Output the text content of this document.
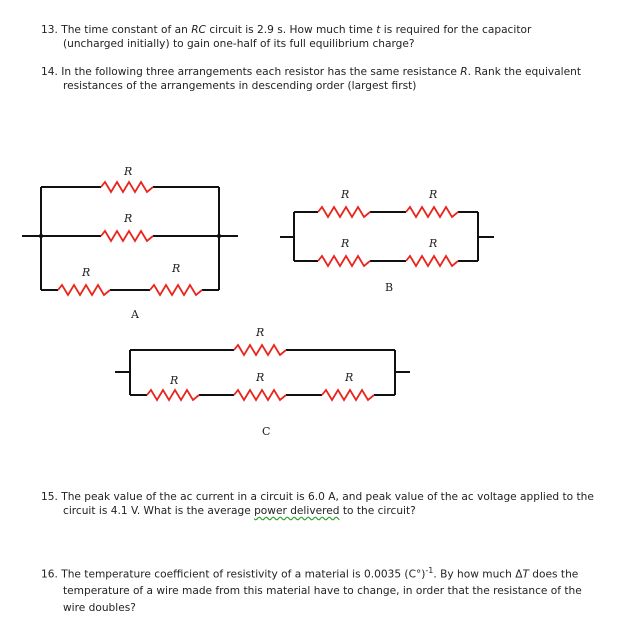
13. The time constant of an RC circuit is 2.9 s. How much time t is required for the capacitor
(uncharged initially) to gain one-half of its full equilibrium charge?
14. In the following three arrangements each resistor has the same resistance R. Rank the equivalent
resistances of the arrangements in descending order (largest first)
R
R
R	R
A
R	R
R	R
B
R
R	R	R
C
15. The peak value of the ac current in a circuit is 6.0 A, and peak value of the ac voltage applied to the
circuit is 4.1 V. What is the average power delivered to the circuit?
16. The temperature coefficient of resistivity of a material is 0.0035 $(C^\circ)^{-1}$. By how much ΔT does the
temperature of a wire made from this material have to change, in order that the resistance of the
wire doubles?
